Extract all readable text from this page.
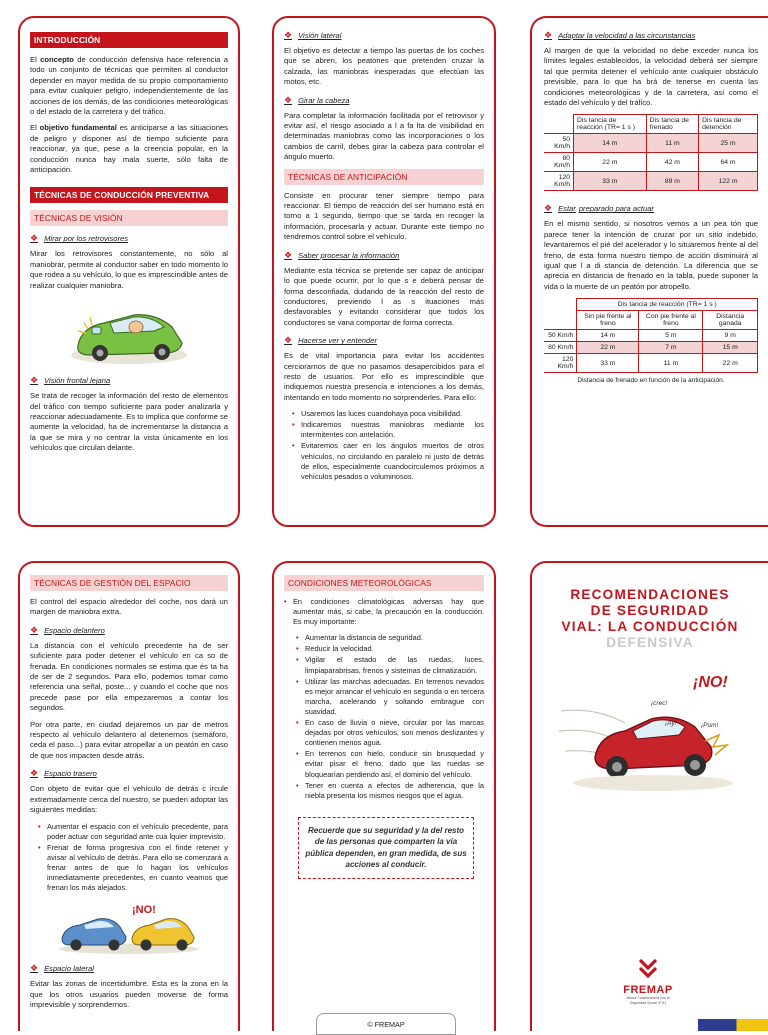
INTRODUCCIÓN

El concepto de conducción defensiva hace referencia a todo un conjunto de técnicas que permiten al conductor depender en mayor medida de su propio comportamiento para evitar cualquier peligro, independientemente de las acciones de los demás, de las condiciones meteorológicas o del estado de la carretera y del tráfico.

El objetivo fundamental es anticiparse a las situaciones de peligro y disponer así de tiempo suficiente para reaccionar, ya que, pese a la creencia popular, en la conducción nunca hay mala suerte, sólo falta de anticipación.

TÉCNICAS DE CONDUCCIÓN PREVENTIVA
TÉCNICAS DE VISIÓN
❖ Mirar por los retrovisores

Mirar los retrovisores constantemente, no sólo al maniobrar, permite al conductor saber en todo momento lo que rodea a su vehículo, lo que es imprescindible antes de realizar cualquier maniobra.

❖ Visión frontal lejana

Se trata de recoger la información del resto de elementos del tráfico con tiempo suficiente para poder analizarla y reaccionar adecuadamente. Es to implica que conforme se aumente la velocidad, ha de incrementarse la distancia a la que se mira y no centrar la vista únicamente en los vehículos que circulan delante.

❖ Visión lateral

El objetivo es detectar a tiempo las puertas de los coches que se abren, los peatones que pretenden cruzar la calzada, las maniobras inesperadas que efectúan las motos, etc.

❖ Girar la cabeza

Para completar la información facilitada por el retrovisor y evitar así, el riesgo asociado a l a fa lta de visibilidad en determinadas maniobras como las incorporaciones o los cambios de carril, debes girar la cabeza para controlar el ángulo muerto.

TÉCNICAS DE ANTICIPACIÓN

Consiste en procurar tener siempre tiempo para reaccionar. El tiempo de reacción del ser humano está en torno a 1 segundo, tiempo que se tarda en recoger la información, procesarla y actuar. Durante este tiempo no tendremos control sobre el vehículo.

❖ Saber procesar la información

Mediante esta técnica se pretende ser capaz de anticipar lo que puede ocurrir, por lo que s e deberá pensar de forma desconfiada, dudando de la reacción del resto de conductores, previendo l as s ituaciones más desfavorables y evitando considerar que todos los conductores se vana comportar de forma correcta.

❖ Hacerse ver y entender

Es de vital importancia para evitar los accidentes cerciorarnos de que no pasamos desapercibidos para el resto de usuarios. Por ello es imprescindible que indiquemos nuestra presencia e intenciones a los demás, intentando en todo momento no sorprenderles. Para ello:

• Usaremos las luces cuandohaya poca visibilidad.
• Indicaremos nuestras maniobras mediante los intermitentes con antelación.
• Evitaremos caer en los ángulos muertos de otros vehículos, no circulando en paralelo ni justo de detrás de ellos, especialmente cuandocirculemos próximos a vehículos pesados o voluminosos.
❖ Adaptar la velocidad a las circunstancias

Al margen de que la velocidad no debe exceder nunca los límites legales establecidos, la velocidad deberá ser siempre tal que permita detener el vehículo ante cualquier obstáculo previsible, para lo que ha brá de tenerse en cuenta las condiciones meteorológicas y de la carretera, así como el estado del vehículo y del tráfico.

	Dis tancia de reacción (TR= 1 s )	Dis tancia de frenado	Dis tancia de detención
50 Km/h	14 m	11 m	25 m
80 Km/h	22 m	42 m	64 m
120 Km/h	33 m	89 m	122 m
❖ Estar preparado para actuar

En el mismo sentido, si nosotros vemos a un pea tón que parece tener la intención de cruzar por un sitio indebido, levantaremos el pié del acelerador y lo situaremos frente al del freno, de esta forma nuestro tiempo de acción disminuirá al igual que l a di stancia de detención. La diferencia que se aprecia en distancia de frenado en la tabla, puede suponer la vida o la muerte de un peatón por atropello.

	Dis tancia de reacción (TR= 1 s )		
	Sin pie frente al freno	Con pie frente al freno	Distancia ganada
50 Km/h	14 m	5 m	9 m
80 Km/h	22 m	7 m	15 m
120 Km/h	33 m	11 m	22 m
Distancia de frenado en función de la anticipación.
TÉCNICAS DE GESTIÓN DEL ESPACIO

El control del espacio alrededor del coche, nos dará un margen de maniobra extra.

❖ Espacio delantero

La distancia con el vehículo precedente ha de ser suficiente para poder detener el vehículo en ca so de frenada. En condiciones normales se estima que és ta ha de ser de 2 segundos. Para ello, podemos tomar como referencia una señal, poste... y cuando el coche que nos precede pase por ella empezaremos a contar los segundos.

Por otra parte, en ciudad dejaremos un par de metros respecto al vehículo delantero al detenernos (semáforo, ceda el paso...) para evitar atropellar a un peatón en caso de que nos impacten desde atrás.

❖ Espacio trasero

Con objeto de evitar que el vehículo de detrás c ircule extremadamente cerca del nuestro, se pueden adoptar las siguientes medidas:

• Aumentar el espacio con el vehículo precedente, para poder actuar con seguridad ante cua lquier imprevisto.
• Frenar de forma progresiva con el finde retener y avisar al vehículo de detrás. Para ello se comenzará a frenar antes de que lo hagan los vehículos inmediatamente precedentes, en cuanto veamos que frenan los más alejados.
¡NO!
❖ Espacio lateral

Evitar las zonas de incertidumbre. Esta es la zona en la que los otros usuarios pueden moverse de forma imprevisible y sorprendernos.

CONDICIONES METEOROLÓGICAS
• En condiciones climatológicas adversas hay que aumentar más, si cabe, la precaución en la conducción. Es muy importante:
• Aumentar la distancia de seguridad.
• Reducir la velocidad.
• Vigilar el estado de las ruedas, luces, limpiaparabrisas, frenos y sistemas de climatización.
• Utilizar las marchas adecuadas. En terrenos nevados es mejor arrancar el vehículo en segunda o en tercera marcha, acelerando y soltando embrague con suavidad.
• En caso de lluvia o nieve, circular por las marcas dejadas por otros vehículos, son menos deslizantes y contienen menos agua.
• En terrenos con hielo, conducir sin brusquedad y evitar pisar el freno, dado que las ruedas se bloquearían perdiendo así, el dominio del vehículo.
• Tener en cuenta a efectos de adherencia, que la niebla presenta los mismos riesgos que el agua.
Recuerde que su seguridad y la del resto de las personas que comparten la vía pública dependen, en gran medida, de sus acciones al conducir.
© FREMAP
RECOMENDACIONES
DE SEGURIDAD
VIAL: LA CONDUCCIÓN
DEFENSIVA
¡NO!
¡crec!
¡Ay!	¡Pum!
FREMAP
Mutua Colaboradora con la Seguridad Social nº 61
